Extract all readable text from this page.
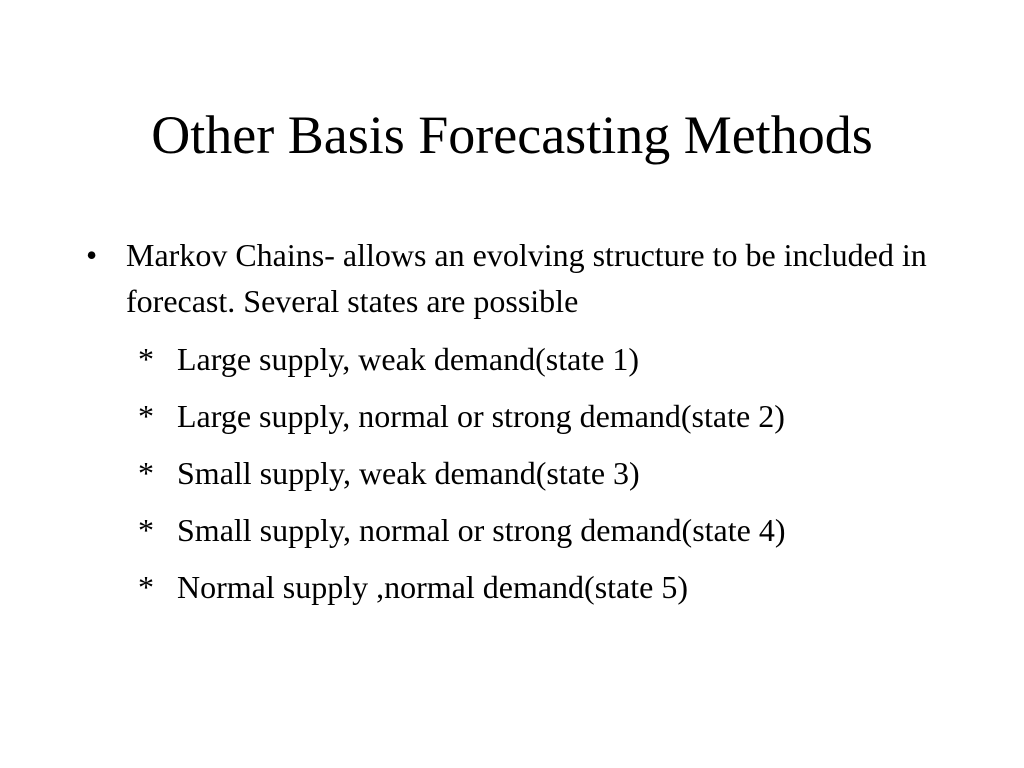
Other Basis Forecasting Methods
• Markov Chains- allows an evolving structure to be included in forecast. Several states are possible
* Large supply, weak demand(state 1)
* Large supply, normal or strong demand(state 2)
* Small supply, weak demand(state 3)
* Small supply, normal or strong demand(state 4)
* Normal supply ,normal demand(state 5)
